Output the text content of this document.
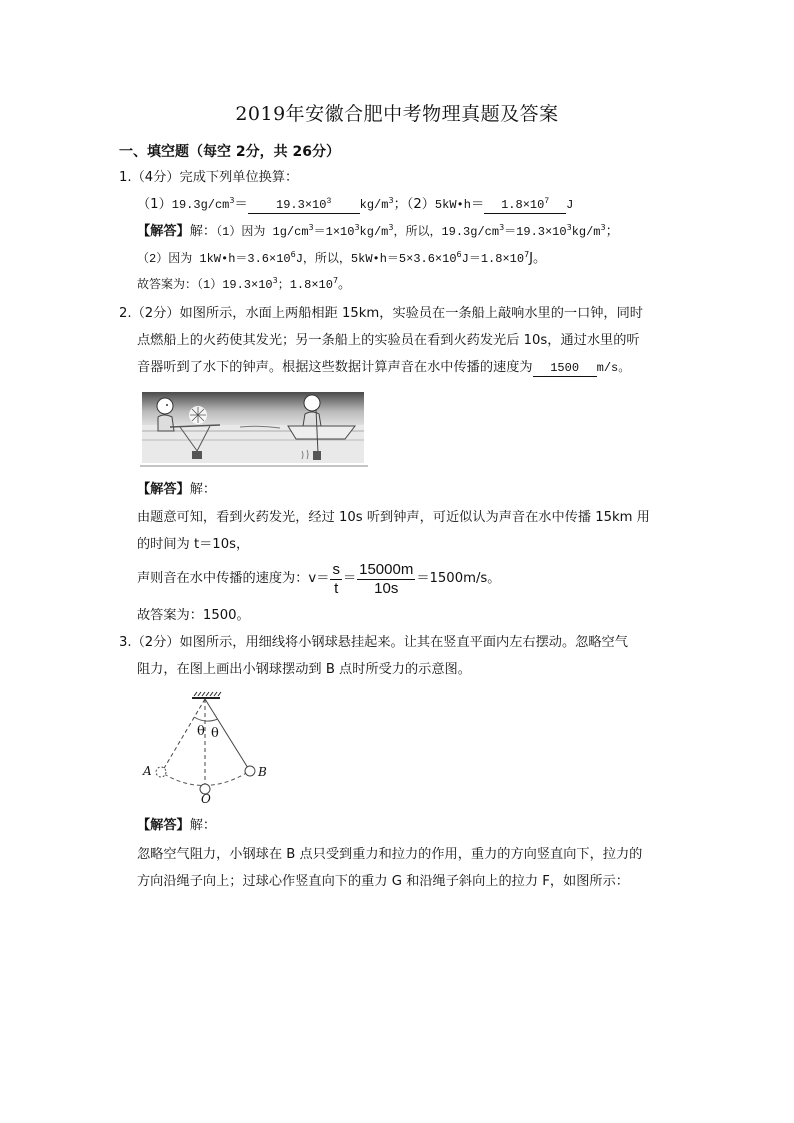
2019年安徽合肥中考物理真题及答案
一、填空题（每空 2分，共 26分）
1.（4分）完成下列单位换算：
$(1)19.3g/cm^3= 19.3\times 10^3$ $kg/m^3$；（2）5kW•h＝ $1.8\times 10^7$ J
【解答】解：（1）因为 $1g/cm^3=1\times 10^3kg/m^3$，所以，$19.3g/cm^3=19.3\times 10^3kg/m^3$；
（2）因为 $1kW•h=3.6\times 10^6J$，所以，$5kW•h=5\times 3.6\times 10^6J=1.8\times 10^7J$。
故答案为：$(1)19.3\times 10^3$；$1.8\times 10^7$。
2.（2分）如图所示，水面上两船相距 15km，实验员在一条船上敲响水里的一口钟，同时
点燃船上的火药使其发光；另一条船上的实验员在看到火药发光后 10s，通过水里的听
音器听到了水下的钟声。根据这些数据计算声音在水中传播的速度为 1500 m/s。
【解答】解：
由题意可知，看到火药发光，经过 10s 听到钟声，可近似认为声音在水中传播 15km 用
的时间为 t＝10s，
声则音在水中传播的速度为：$v= \frac{s}{t} = \frac{15000m}{10s} =1500m/s$。
故答案为：1500。
3.（2分）如图所示，用细线将小钢球悬挂起来。让其在竖直平面内左右摆动。忽略空气
阻力，在图上画出小钢球摆动到 B 点时所受力的示意图。
θ θ
A
O
B
【解答】解：
忽略空气阻力，小钢球在 B 点只受到重力和拉力的作用，重力的方向竖直向下，拉力的
方向沿绳子向上；过球心作竖直向下的重力 G 和沿绳子斜向上的拉力 F，如图所示：
